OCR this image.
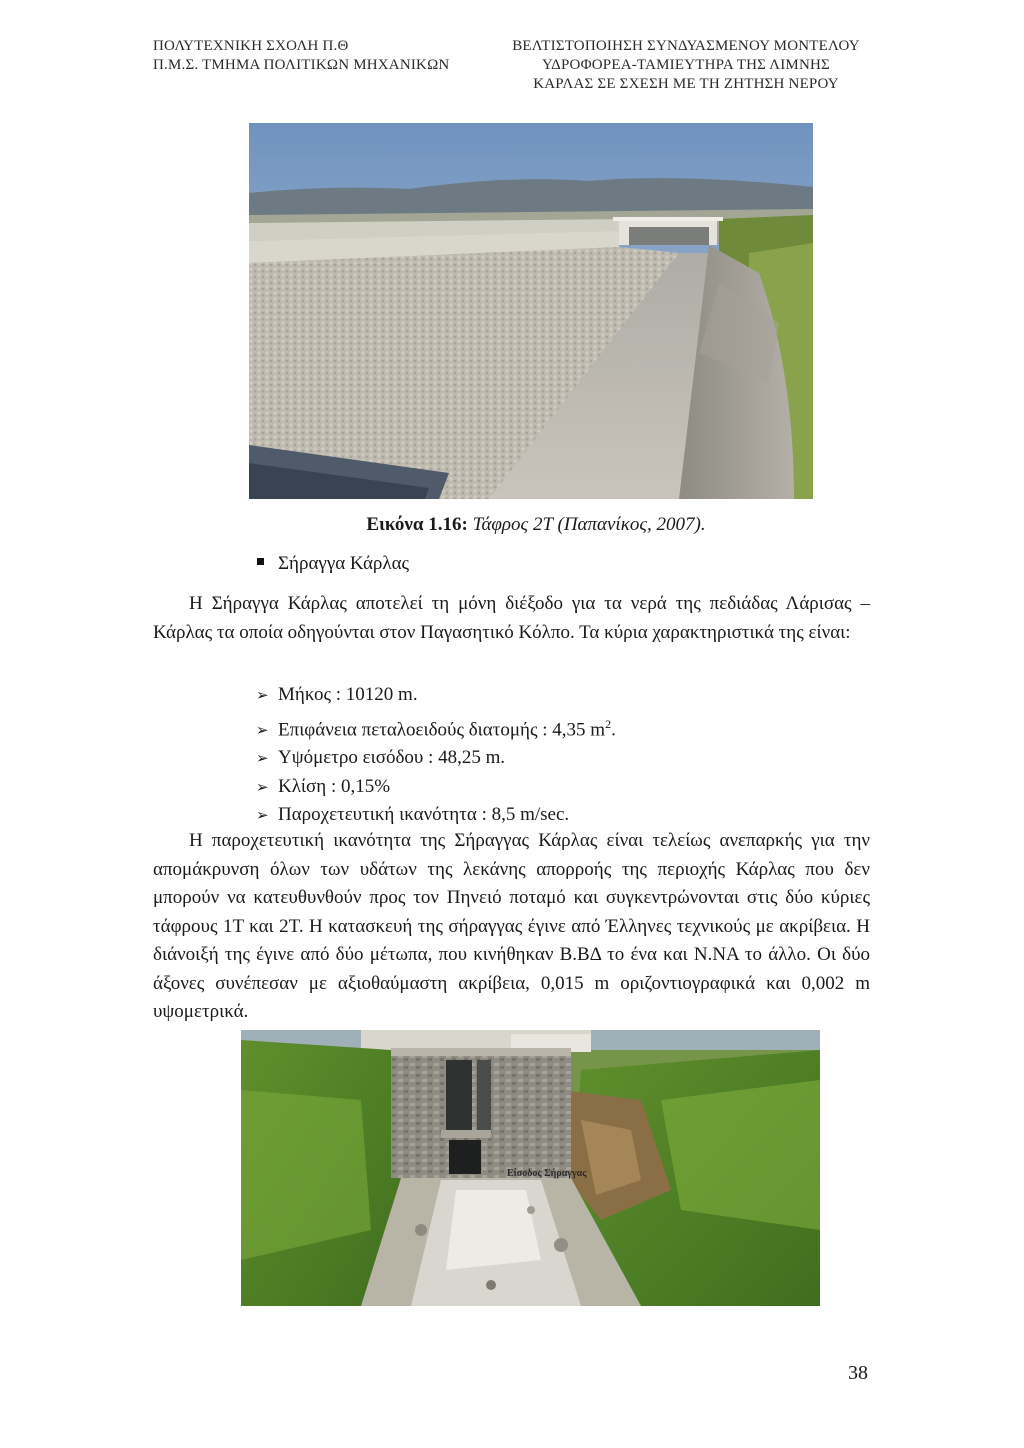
ΠΟΛΥΤΕΧΝΙΚΗ ΣΧΟΛΗ Π.Θ
Π.Μ.Σ. ΤΜΗΜΑ ΠΟΛΙΤΙΚΩΝ ΜΗΧΑΝΙΚΩΝ
ΒΕΛΤΙΣΤΟΠΟΙΗΣΗ ΣΥΝΔΥΑΣΜΕΝΟΥ ΜΟΝΤΕΛΟΥ
ΥΔΡΟΦΟΡΕΑ-ΤΑΜΙΕΥΤΗΡΑ ΤΗΣ ΛΙΜΝΗΣ
ΚΑΡΛΑΣ ΣΕ ΣΧΕΣΗ ΜΕ ΤΗ ΖΗΤΗΣΗ ΝΕΡΟΥ
Εικόνα 1.16: Τάφρος 2Τ (Παπανίκος, 2007).
Σήραγγα Κάρλας
Η Σήραγγα Κάρλας αποτελεί τη μόνη διέξοδο για τα νερά της πεδιάδας Λάρισας – Κάρλας τα οποία οδηγούνται στον Παγασητικό Κόλπο. Τα κύρια χαρακτηριστικά της είναι:
➢ Μήκος : 10120 m.
➢ Επιφάνεια πεταλοειδούς διατομής : 4,35 $m^2$.
➢ Υψόμετρο εισόδου : 48,25 m.
➢ Κλίση : 0,15%
➢ Παροχετευτική ικανότητα : 8,5 m/sec.
Η παροχετευτική ικανότητα της Σήραγγας Κάρλας είναι τελείως ανεπαρκής για την απομάκρυνση όλων των υδάτων της λεκάνης απορροής της περιοχής Κάρλας που δεν μπορούν να κατευθυνθούν προς τον Πηνειό ποταμό και συγκεντρώνονται στις δύο κύριες τάφρους 1Τ και 2Τ. Η κατασκευή της σήραγγας έγινε από Έλληνες τεχνικούς με ακρίβεια. Η διάνοιξή της έγινε από δύο μέτωπα, που κινήθηκαν Β.ΒΔ το ένα και Ν.ΝΑ το άλλο. Οι δύο άξονες συνέπεσαν με αξιοθαύμαστη ακρίβεια, 0,015 m οριζοντιογραφικά και 0,002 m υψομετρικά.
Είσοδος Σήραγγας
38
